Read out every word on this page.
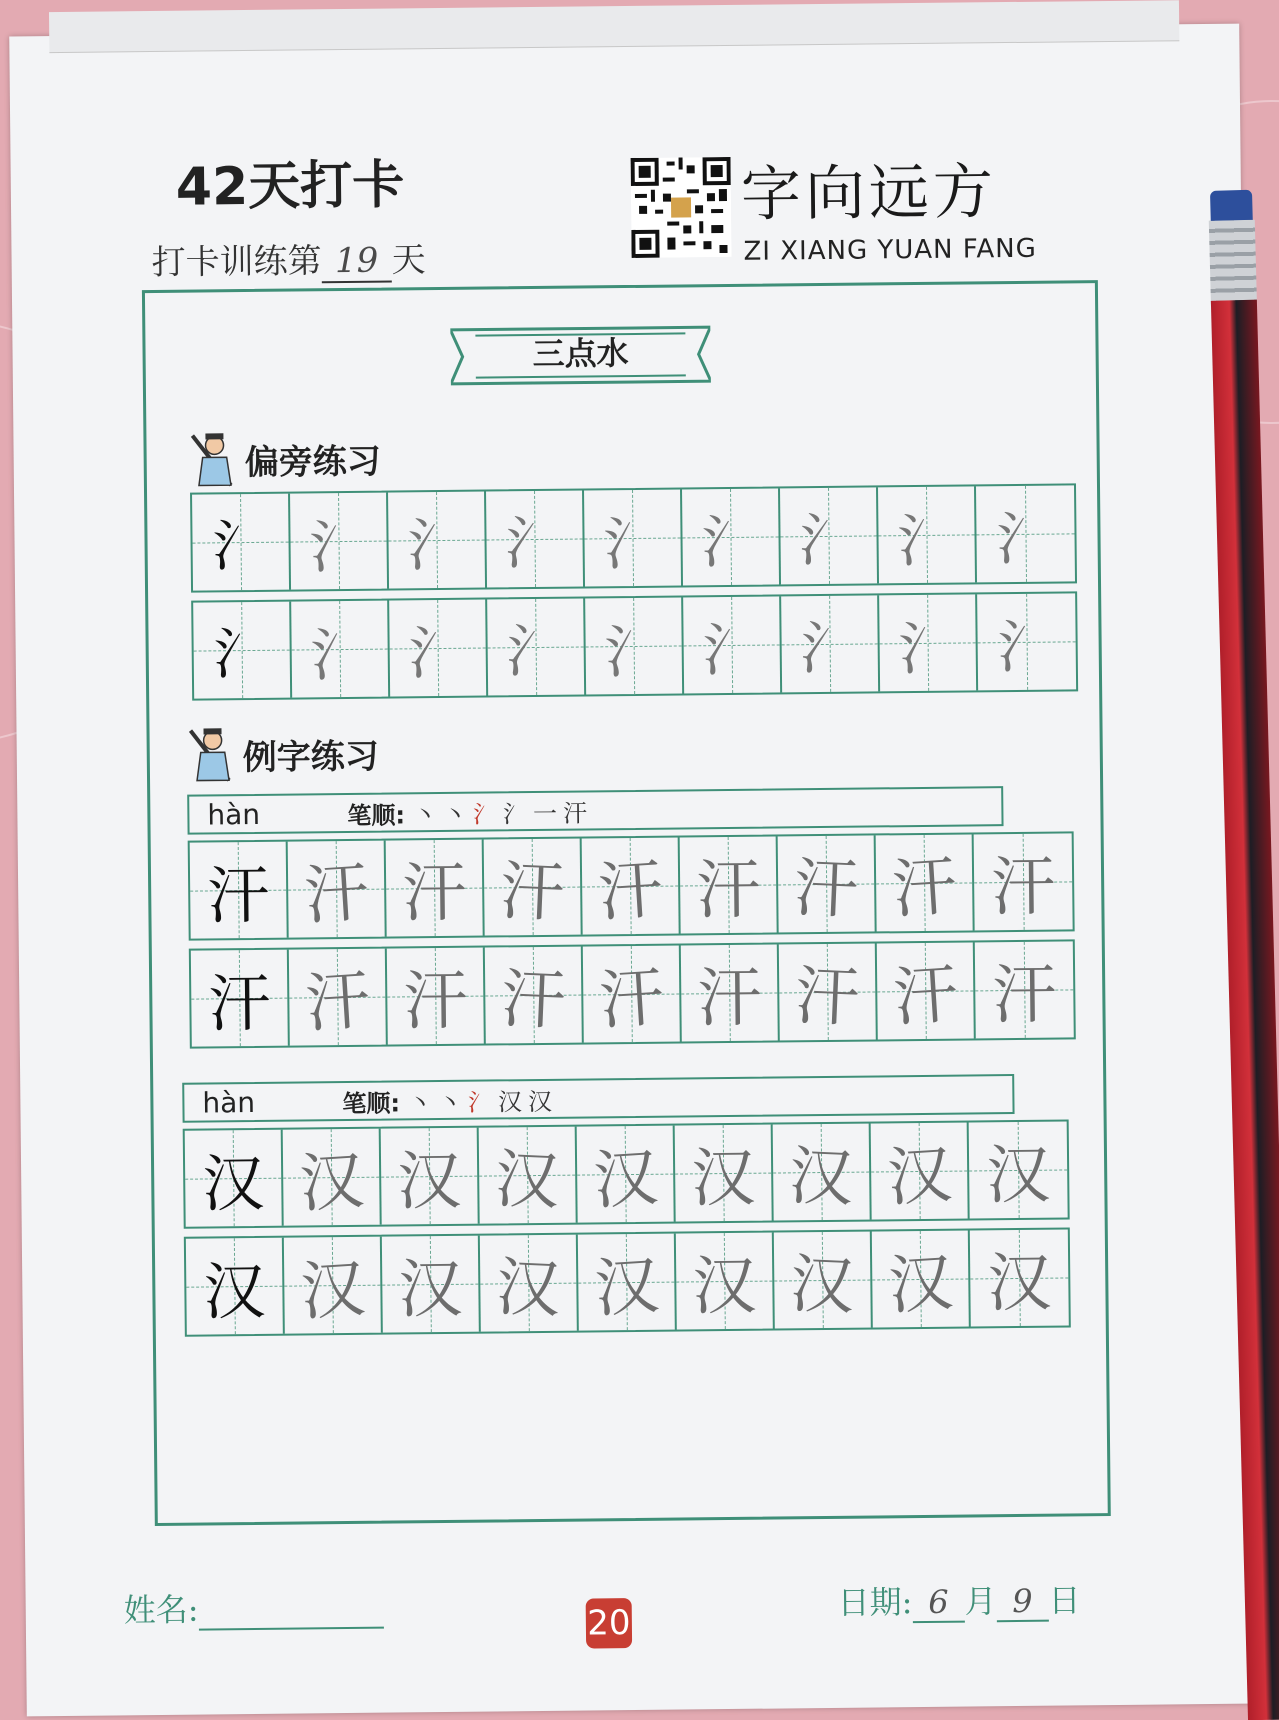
42天打卡
打卡训练第 19 天
字向远方
ZI XIANG YUAN FANG
三点水
偏旁练习
氵 氵 氵 氵 氵 氵 氵 氵 氵
氵 氵 氵 氵 氵 氵 氵 氵 氵
例字练习
hàn	笔顺: 丶丶氵氵一汗
汗 汗 汗 汗 汗 汗 汗 汗 汗
汗 汗 汗 汗 汗 汗 汗 汗 汗
hàn	笔顺: 丶丶氵汉汉
汉 汉 汉 汉 汉 汉 汉 汉 汉
汉 汉 汉 汉 汉 汉 汉 汉 汉
姓名:	20
日期: 6 月 9 日
